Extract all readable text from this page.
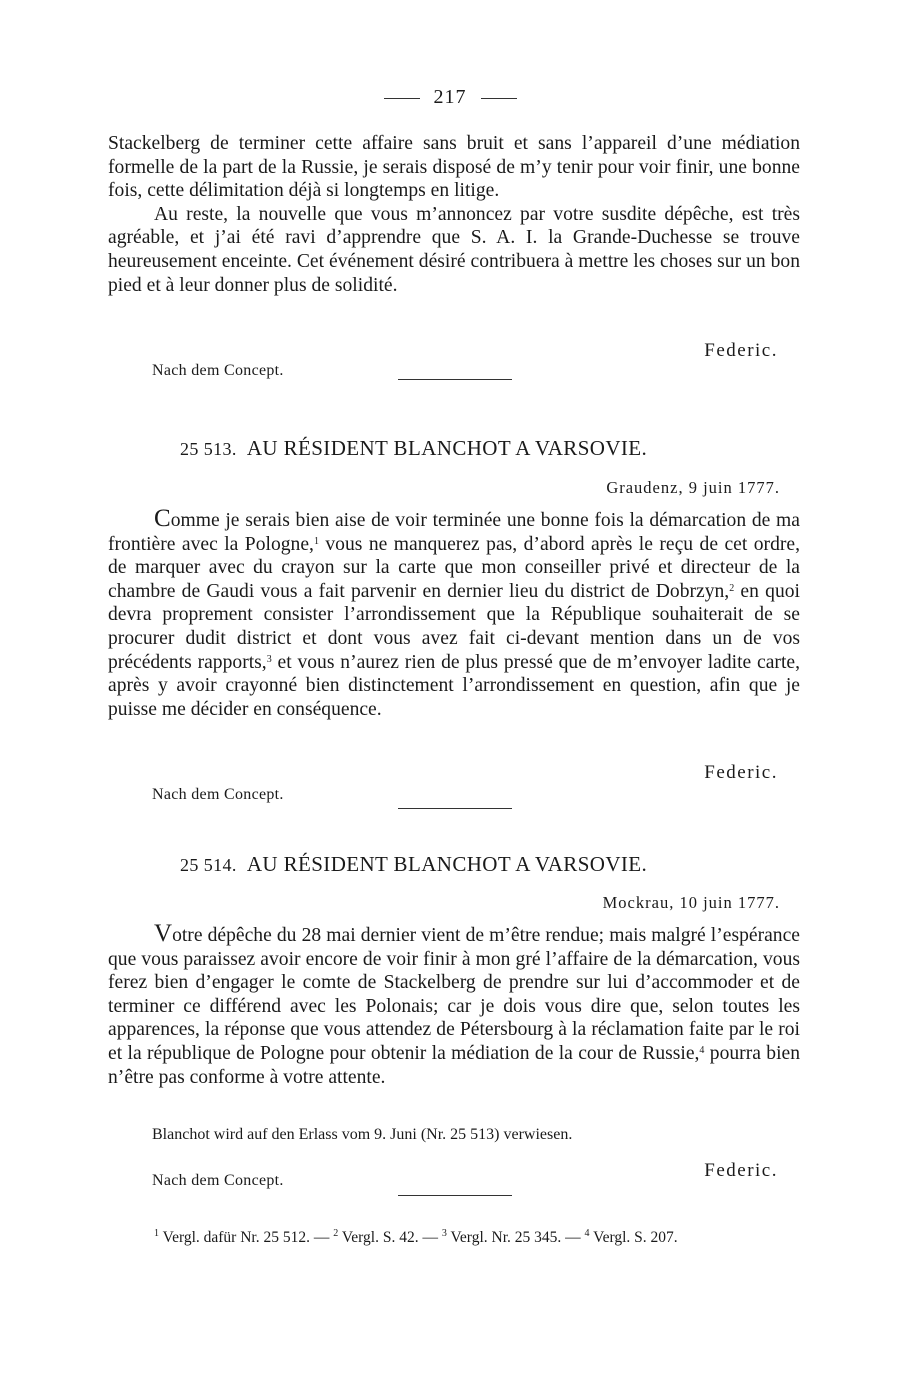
217

Stackelberg de terminer cette affaire sans bruit et sans l’appareil d’une médiation formelle de la part de la Russie, je serais disposé de m’y tenir pour voir finir, une bonne fois, cette délimitation déjà si longtemps en litige.

Au reste, la nouvelle que vous m’annoncez par votre susdite dépêche, est très agréable, et j’ai été ravi d’apprendre que S. A. I. la Grande-Duchesse se trouve heureusement enceinte. Cet événement désiré contribuera à mettre les choses sur un bon pied et à leur donner plus de solidité.

Federic.
Nach dem Concept.
25 513. AU RÉSIDENT BLANCHOT A VARSOVIE.
Graudenz, 9 juin 1777.

Comme je serais bien aise de voir terminée une bonne fois la démarcation de ma frontière avec la Pologne,$^1$ vous ne manquerez pas, d’abord après le reçu de cet ordre, de marquer avec du crayon sur la carte que mon conseiller privé et directeur de la chambre de Gaudi vous a fait parvenir en dernier lieu du district de Dobrzyn,$^2$ en quoi devra proprement consister l’arrondissement que la République souhaiterait de se procurer dudit district et dont vous avez fait ci-devant mention dans un de vos précédents rapports,$^3$ et vous n’aurez rien de plus pressé que de m’envoyer ladite carte, après y avoir crayonné bien distinctement l’arrondissement en question, afin que je puisse me décider en conséquence.

Federic.
Nach dem Concept.
25 514. AU RÉSIDENT BLANCHOT A VARSOVIE.
Mockrau, 10 juin 1777.

Votre dépêche du 28 mai dernier vient de m’être rendue; mais malgré l’espérance que vous paraissez avoir encore de voir finir à mon gré l’affaire de la démarcation, vous ferez bien d’engager le comte de Stackelberg de prendre sur lui d’accommoder et de terminer ce différend avec les Polonais; car je dois vous dire que, selon toutes les apparences, la réponse que vous attendez de Pétersbourg à la réclamation faite par le roi et la république de Pologne pour obtenir la médiation de la cour de Russie,$^4$ pourra bien n’être pas conforme à votre attente.

Blanchot wird auf den Erlass vom 9. Juni (Nr. 25 513) verwiesen.
Federic.
Nach dem Concept.
$^1$ Vergl. dafür Nr. 25 512. — $^2$ Vergl. S. 42. — $^3$ Vergl. Nr. 25 345. — $^4$ Vergl. S. 207.
